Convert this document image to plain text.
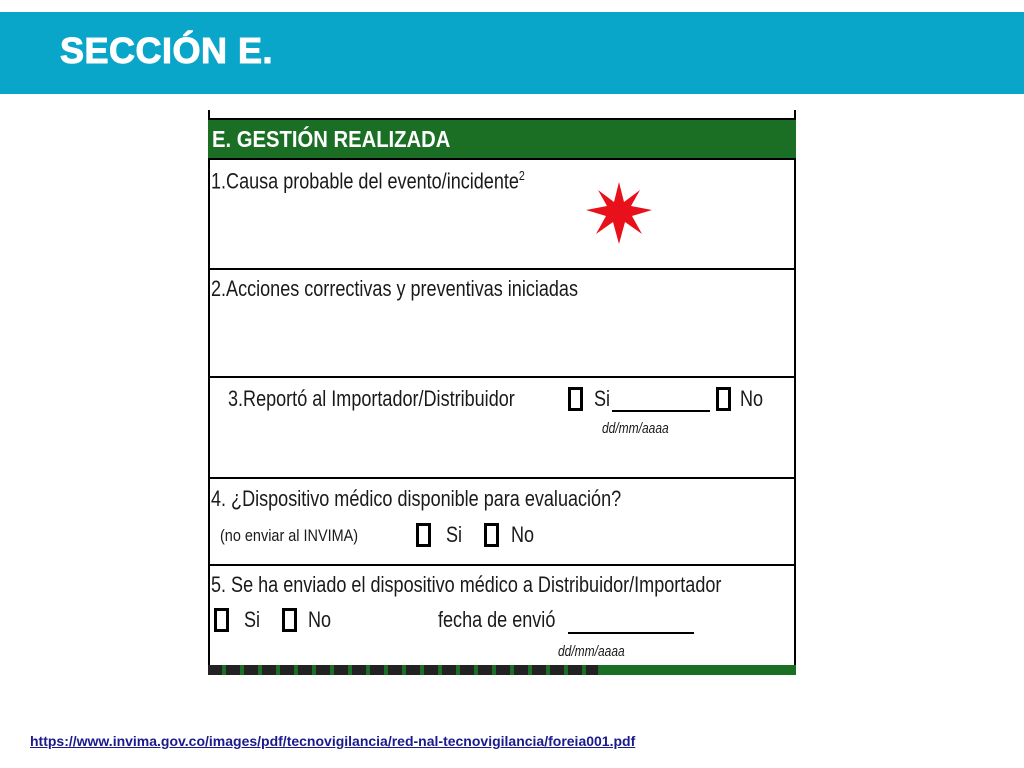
SECCIÓN E.
E. GESTIÓN REALIZADA
1.Causa probable del evento/incidente$^2$
2.Acciones correctivas y preventivas iniciadas
3.Reportó al Importador/Distribuidor	Si	No
dd/mm/aaaa
4. ¿Dispositivo médico disponible para evaluación?
(no enviar al INVIMA)	Si No
5. Se ha enviado el dispositivo médico a Distribuidor/Importador
Si No	fecha de envió
dd/mm/aaaa
https://www.invima.gov.co/images/pdf/tecnovigilancia/red-nal-tecnovigilancia/foreia001.pdf
